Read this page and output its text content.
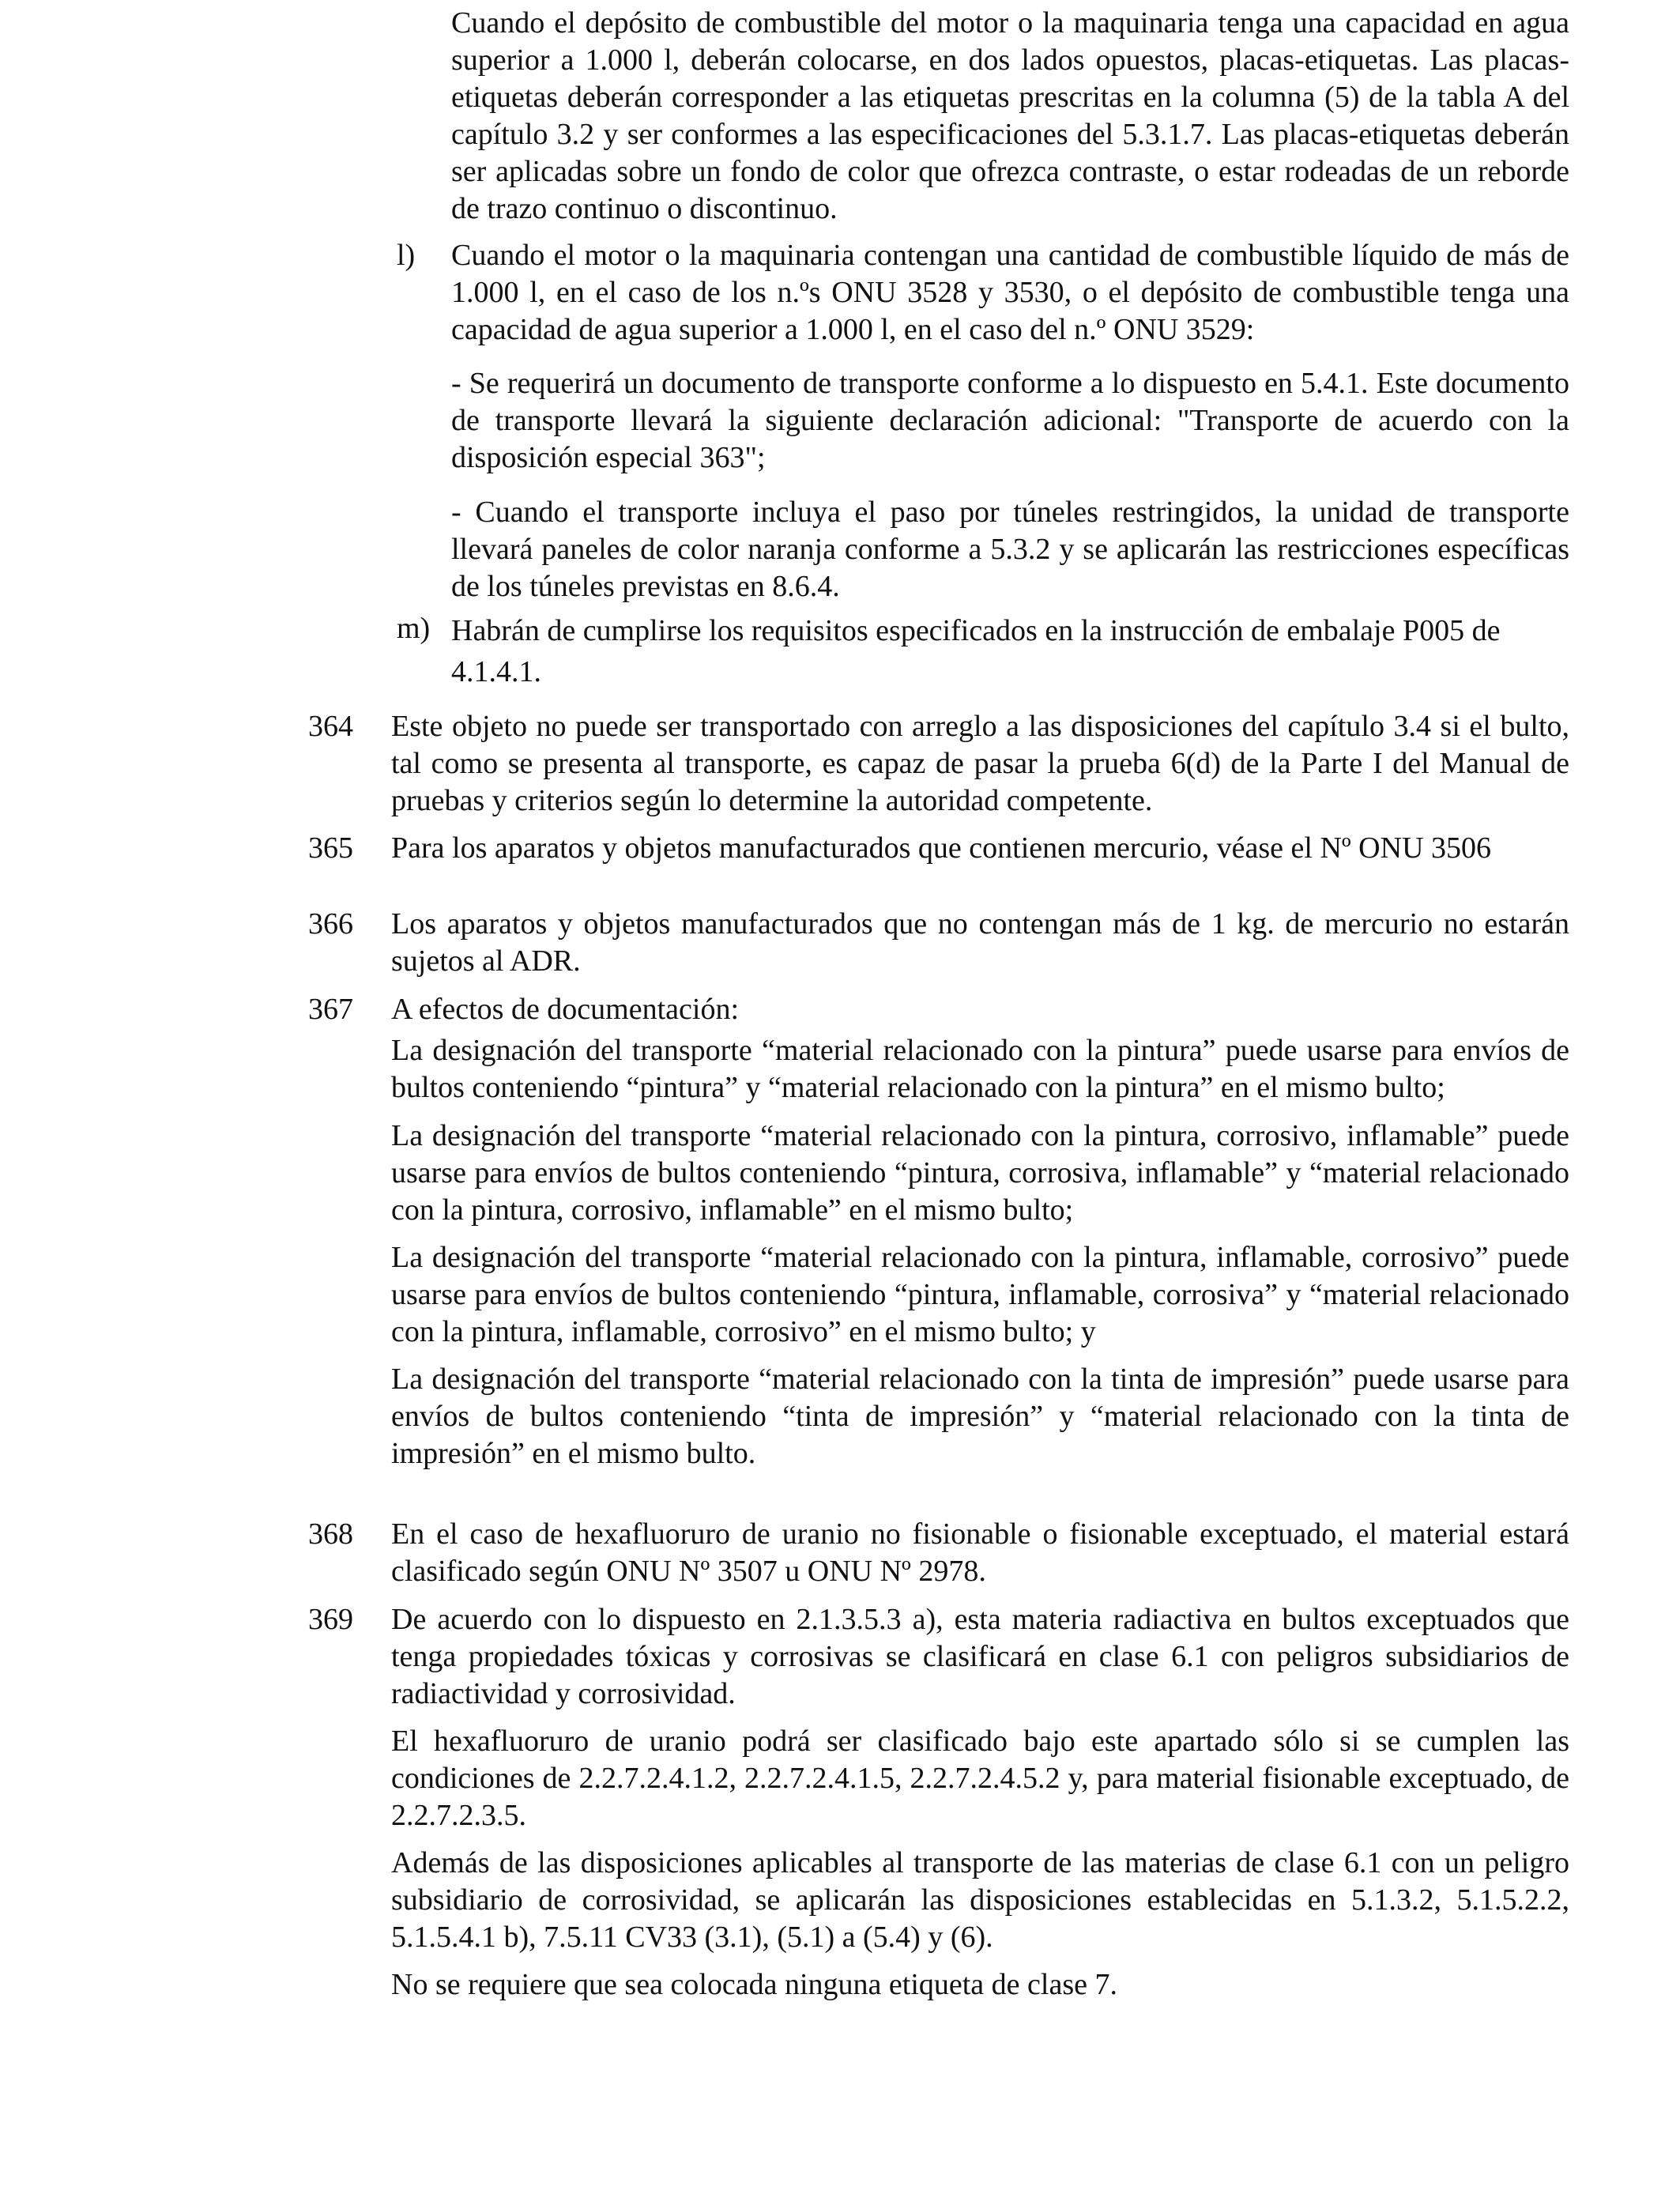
Cuando el depósito de combustible del motor o la maquinaria tenga una capacidad en agua superior a 1.000 l, deberán colocarse, en dos lados opuestos, placas-etiquetas. Las placas-etiquetas deberán corresponder a las etiquetas prescritas en la columna (5) de la tabla A del capítulo 3.2 y ser conformes a las especificaciones del 5.3.1.7. Las placas-etiquetas deberán ser aplicadas sobre un fondo de color que ofrezca contraste, o estar rodeadas de un reborde de trazo continuo o discontinuo.

l)	Cuando el motor o la maquinaria contengan una cantidad de combustible líquido de más de 1.000 l, en el caso de los n.ºs ONU 3528 y 3530, o el depósito de combustible tenga una capacidad de agua superior a 1.000 l, en el caso del n.º ONU 3529:

- Se requerirá un documento de transporte conforme a lo dispuesto en 5.4.1. Este documento de transporte llevará la siguiente declaración adicional: "Transporte de acuerdo con la disposición especial 363";

- Cuando el transporte incluya el paso por túneles restringidos, la unidad de transporte llevará paneles de color naranja conforme a 5.3.2 y se aplicarán las restricciones específicas de los túneles previstas en 8.6.4.

m) Habrán de cumplirse los requisitos especificados en la instrucción de embalaje P005 de 4.1.4.1.

364	Este objeto no puede ser transportado con arreglo a las disposiciones del capítulo 3.4 si el bulto, tal como se presenta al transporte, es capaz de pasar la prueba 6(d) de la Parte I del Manual de pruebas y criterios según lo determine la autoridad competente.

365	Para los aparatos y objetos manufacturados que contienen mercurio, véase el Nº ONU 3506

366	Los aparatos y objetos manufacturados que no contengan más de 1 kg. de mercurio no estarán sujetos al ADR.

367	A efectos de documentación:

La designación del transporte “material relacionado con la pintura” puede usarse para envíos de bultos conteniendo “pintura” y “material relacionado con la pintura” en el mismo bulto;

La designación del transporte “material relacionado con la pintura, corrosivo, inflamable” puede usarse para envíos de bultos conteniendo “pintura, corrosiva, inflamable” y “material relacionado con la pintura, corrosivo, inflamable” en el mismo bulto;

La designación del transporte “material relacionado con la pintura, inflamable, corrosivo” puede usarse para envíos de bultos conteniendo “pintura, inflamable, corrosiva” y “material relacionado con la pintura, inflamable, corrosivo” en el mismo bulto; y

La designación del transporte “material relacionado con la tinta de impresión” puede usarse para envíos de bultos conteniendo “tinta de impresión” y “material relacionado con la tinta de impresión” en el mismo bulto.

368	En el caso de hexafluoruro de uranio no fisionable o fisionable exceptuado, el material estará clasificado según ONU Nº 3507 u ONU Nº 2978.

369	De acuerdo con lo dispuesto en 2.1.3.5.3 a), esta materia radiactiva en bultos exceptuados que tenga propiedades tóxicas y corrosivas se clasificará en clase 6.1 con peligros subsidiarios de radiactividad y corrosividad.

El hexafluoruro de uranio podrá ser clasificado bajo este apartado sólo si se cumplen las condiciones de 2.2.7.2.4.1.2, 2.2.7.2.4.1.5, 2.2.7.2.4.5.2 y, para material fisionable exceptuado, de 2.2.7.2.3.5.

Además de las disposiciones aplicables al transporte de las materias de clase 6.1 con un peligro subsidiario de corrosividad, se aplicarán las disposiciones establecidas en 5.1.3.2, 5.1.5.2.2, 5.1.5.4.1 b), 7.5.11 CV33 (3.1), (5.1) a (5.4) y (6).

No se requiere que sea colocada ninguna etiqueta de clase 7.
